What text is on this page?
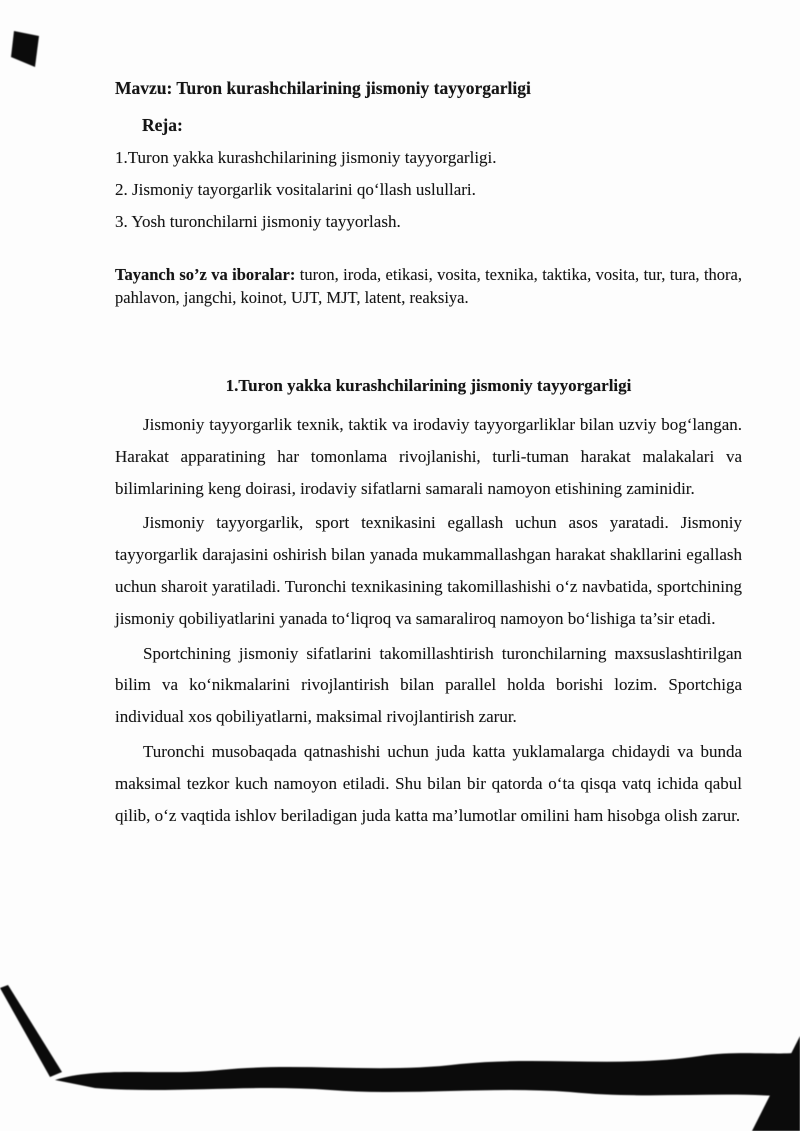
Mavzu: Turon kurashchilarining jismoniy tayyorgarligi
Reja:
1.Turon yakka kurashchilarining jismoniy tayyorgarligi.
2. Jismoniy tayorgarlik vositalarini qoʻllash uslullari.
3. Yosh turonchilarni jismoniy tayyorlash.

Tayanch so’z va iboralar: turon, iroda, etikasi, vosita, texnika, taktika, vosita, tur, tura, thora, pahlavon, jangchi, koinot, UJT, MJT, latent, reaksiya.

1.Turon yakka kurashchilarining jismoniy tayyorgarligi

Jismoniy tayyorgarlik texnik, taktik va irodaviy tayyorgarliklar bilan uzviy bogʻlangan. Harakat apparatining har tomonlama rivojlanishi, turli-tuman harakat malakalari va bilimlarining keng doirasi, irodaviy sifatlarni samarali namoyon etishining zaminidir.

Jismoniy tayyorgarlik, sport texnikasini egallash uchun asos yaratadi. Jismoniy tayyorgarlik darajasini oshirish bilan yanada mukammallashgan harakat shakllarini egallash uchun sharoit yaratiladi. Turonchi texnikasining takomillashishi oʻz navbatida, sportchining jismoniy qobiliyatlarini yanada toʻliqroq va samaraliroq namoyon boʻlishiga ta’sir etadi.

Sportchining jismoniy sifatlarini takomillashtirish turonchilarning maxsuslashtirilgan bilim va koʻnikmalarini rivojlantirish bilan parallel holda borishi lozim. Sportchiga individual xos qobiliyatlarni, maksimal rivojlantirish zarur.

Turonchi musobaqada qatnashishi uchun juda katta yuklamalarga chidaydi va bunda maksimal tezkor kuch namoyon etiladi. Shu bilan bir qatorda oʻta qisqa vatq ichida qabul qilib, oʻz vaqtida ishlov beriladigan juda katta ma’lumotlar omilini ham hisobga olish zarur.
